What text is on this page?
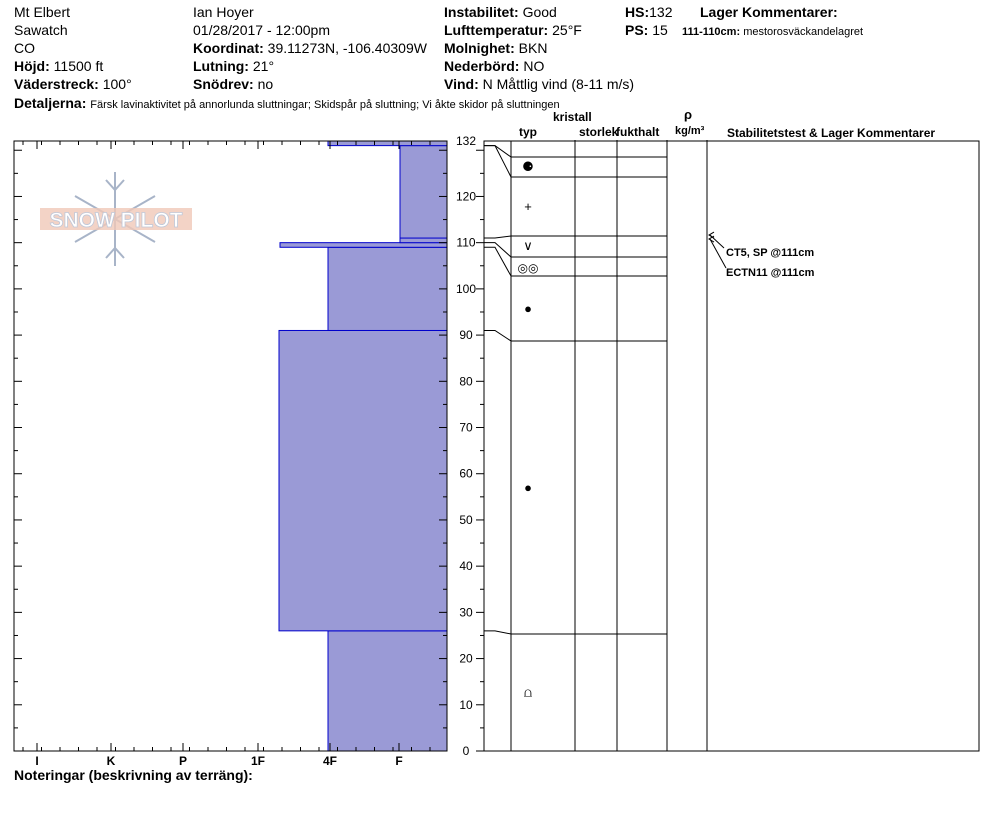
Mt Elbert
Sawatch
CO
Höjd: 11500 ft
Väderstreck: 100°
Detaljerna: Färsk lavinaktivitet på annorlunda sluttningar; Skidspår på sluttning; Vi åkte skidor på sluttningen
Ian Hoyer
01/28/2017 - 12:00pm
Koordinat: 39.11273N, -106.40309W
Lutning: 21°
Snödrev: no
Instabilitet: Good
Lufttemperatur: 25°F
Molnighet: BKN
Nederbörd: NO
Vind: N Måttlig vind (8-11 m/s)
HS:132
PS: 15
Lager Kommentarer:
111-110cm: mestorosväckandelagret
SNOW PILOT
I	K	P	1F	4F	F
0
10
20
30
40
50
60
70
80
90
100
110
120
132
⚈
+
∨
◎◎
●
●
⩍
CT5, SP @111cm
ECTN11 @111cm
typ
kristall
storlek
fukthalt
ρ
kg/m³ Stabilitetstest & Lager Kommentarer
Noteringar (beskrivning av terräng):
